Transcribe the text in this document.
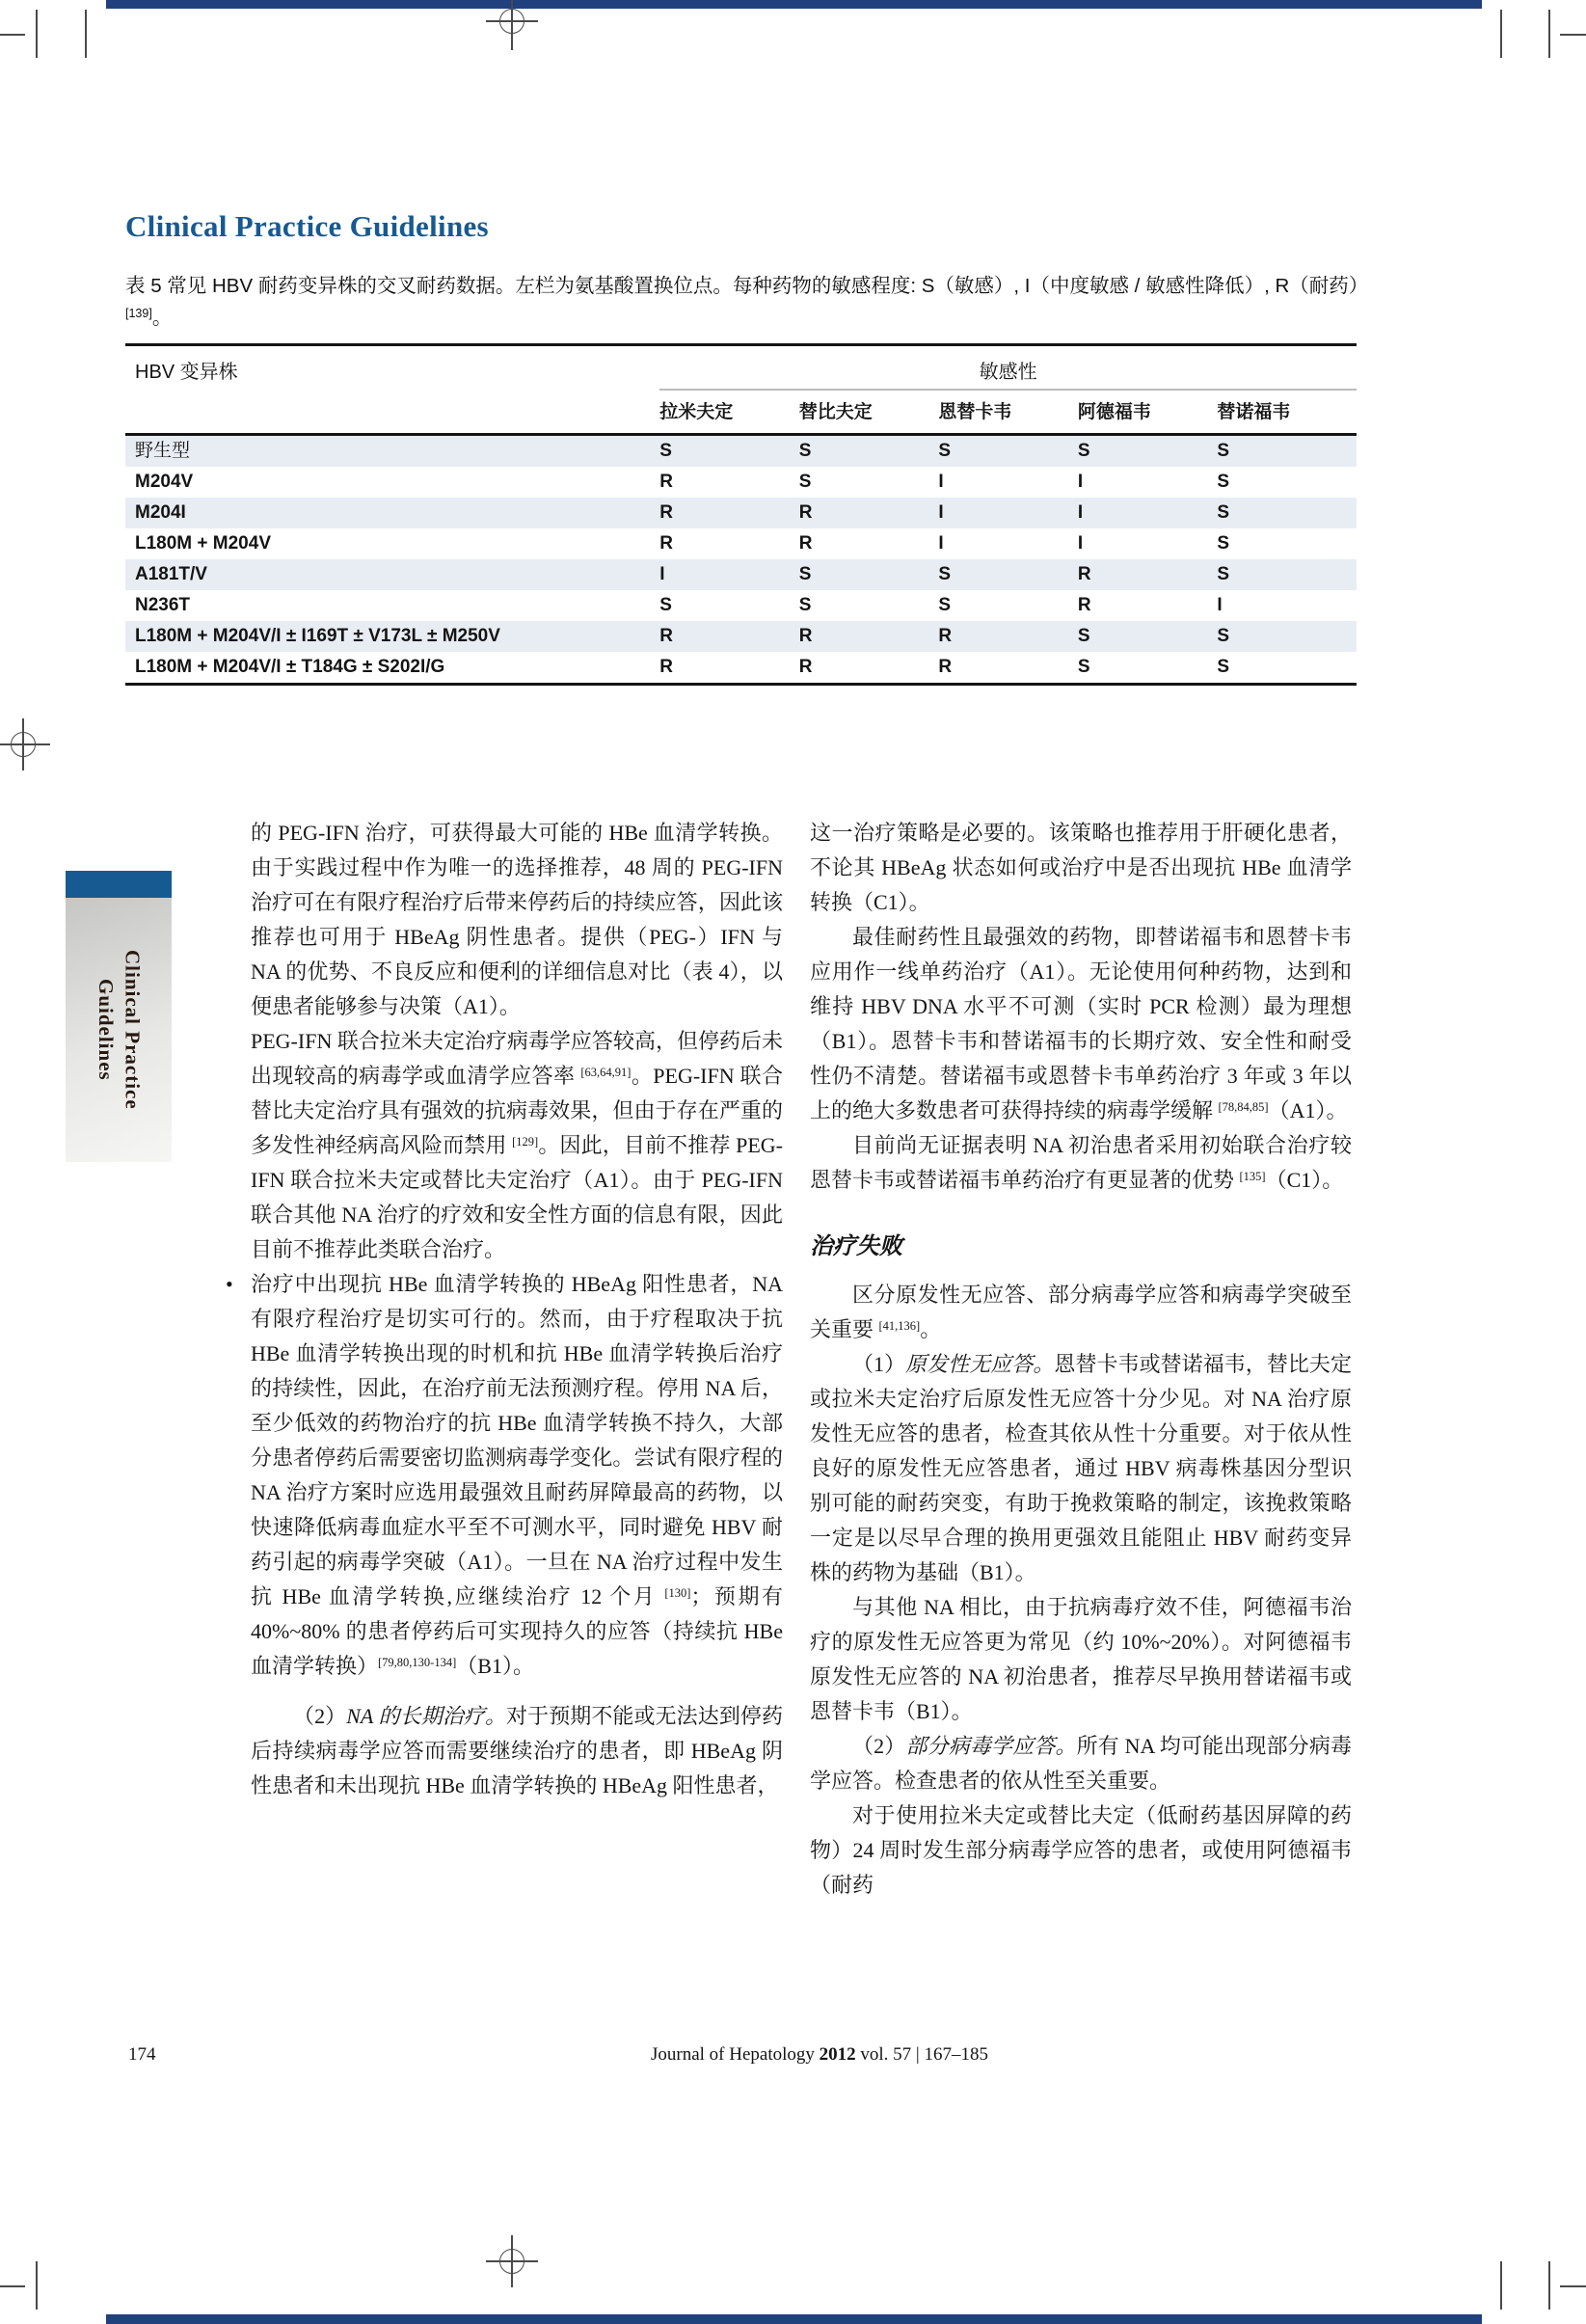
Clinical Practice
Guidelines
Clinical Practice Guidelines
表 5 常见 HBV 耐药变异株的交叉耐药数据。左栏为氨基酸置换位点。每种药物的敏感程度: S（敏感）, I（中度敏感 / 敏感性降低）, R（耐药）[139]。
HBV 变异株	敏感性				
	拉米夫定	替比夫定	恩替卡韦	阿德福韦	替诺福韦
野生型	S	S	S	S	S
M204V	R	S	I	I	S
M204I	R	R	I	I	S
L180M + M204V	R	R	I	I	S
A181T/V	I	S	S	R	S
N236T	S	S	S	R	I
L180M + M204V/I ± I169T ± V173L ± M250V	R	R	R	S	S
L180M + M204V/I ± T184G ± S202I/G	R	R	R	S	S

的 PEG-IFN 治疗，可获得最大可能的 HBe 血清学转换。由于实践过程中作为唯一的选择推荐，48 周的 PEG-IFN 治疗可在有限疗程治疗后带来停药后的持续应答，因此该推荐也可用于 HBeAg 阴性患者。提供（PEG-）IFN 与 NA 的优势、不良反应和便利的详细信息对比（表 4），以便患者能够参与决策（A1）。

PEG-IFN 联合拉米夫定治疗病毒学应答较高，但停药后未出现较高的病毒学或血清学应答率 [63,64,91]。PEG-IFN 联合替比夫定治疗具有强效的抗病毒效果，但由于存在严重的多发性神经病高风险而禁用 [129]。因此，目前不推荐 PEG-IFN 联合拉米夫定或替比夫定治疗（A1）。由于 PEG-IFN 联合其他 NA 治疗的疗效和安全性方面的信息有限，因此目前不推荐此类联合治疗。

• 治疗中出现抗 HBe 血清学转换的 HBeAg 阳性患者，NA 有限疗程治疗是切实可行的。然而，由于疗程取决于抗 HBe 血清学转换出现的时机和抗 HBe 血清学转换后治疗的持续性，因此，在治疗前无法预测疗程。停用 NA 后，至少低效的药物治疗的抗 HBe 血清学转换不持久，大部分患者停药后需要密切监测病毒学变化。尝试有限疗程的 NA 治疗方案时应选用最强效且耐药屏障最高的药物，以快速降低病毒血症水平至不可测水平，同时避免 HBV 耐药引起的病毒学突破（A1）。一旦在 NA 治疗过程中发生抗 HBe 血清学转换,应继续治疗 12 个月 [130]；预期有 40%~80% 的患者停药后可实现持久的应答（持续抗 HBe 血清学转换）[79,80,130-134]（B1）。

（2）NA 的长期治疗。对于预期不能或无法达到停药后持续病毒学应答而需要继续治疗的患者，即 HBeAg 阴性患者和未出现抗 HBe 血清学转换的 HBeAg 阳性患者，

这一治疗策略是必要的。该策略也推荐用于肝硬化患者，不论其 HBeAg 状态如何或治疗中是否出现抗 HBe 血清学转换（C1）。

最佳耐药性且最强效的药物，即替诺福韦和恩替卡韦应用作一线单药治疗（A1）。无论使用何种药物，达到和维持 HBV DNA 水平不可测（实时 PCR 检测）最为理想（B1）。恩替卡韦和替诺福韦的长期疗效、安全性和耐受性仍不清楚。替诺福韦或恩替卡韦单药治疗 3 年或 3 年以上的绝大多数患者可获得持续的病毒学缓解 [78,84,85]（A1）。

目前尚无证据表明 NA 初治患者采用初始联合治疗较恩替卡韦或替诺福韦单药治疗有更显著的优势 [135]（C1）。

治疗失败

区分原发性无应答、部分病毒学应答和病毒学突破至关重要 [41,136]。

（1）原发性无应答。恩替卡韦或替诺福韦，替比夫定或拉米夫定治疗后原发性无应答十分少见。对 NA 治疗原发性无应答的患者，检查其依从性十分重要。对于依从性良好的原发性无应答患者，通过 HBV 病毒株基因分型识别可能的耐药突变，有助于挽救策略的制定，该挽救策略一定是以尽早合理的换用更强效且能阻止 HBV 耐药变异株的药物为基础（B1）。

与其他 NA 相比，由于抗病毒疗效不佳，阿德福韦治疗的原发性无应答更为常见（约 10%~20%）。对阿德福韦原发性无应答的 NA 初治患者，推荐尽早换用替诺福韦或恩替卡韦（B1）。

（2）部分病毒学应答。所有 NA 均可能出现部分病毒学应答。检查患者的依从性至关重要。

对于使用拉米夫定或替比夫定（低耐药基因屏障的药物）24 周时发生部分病毒学应答的患者，或使用阿德福韦（耐药

174	Journal of Hepatology 2012 vol. 57 | 167–185
